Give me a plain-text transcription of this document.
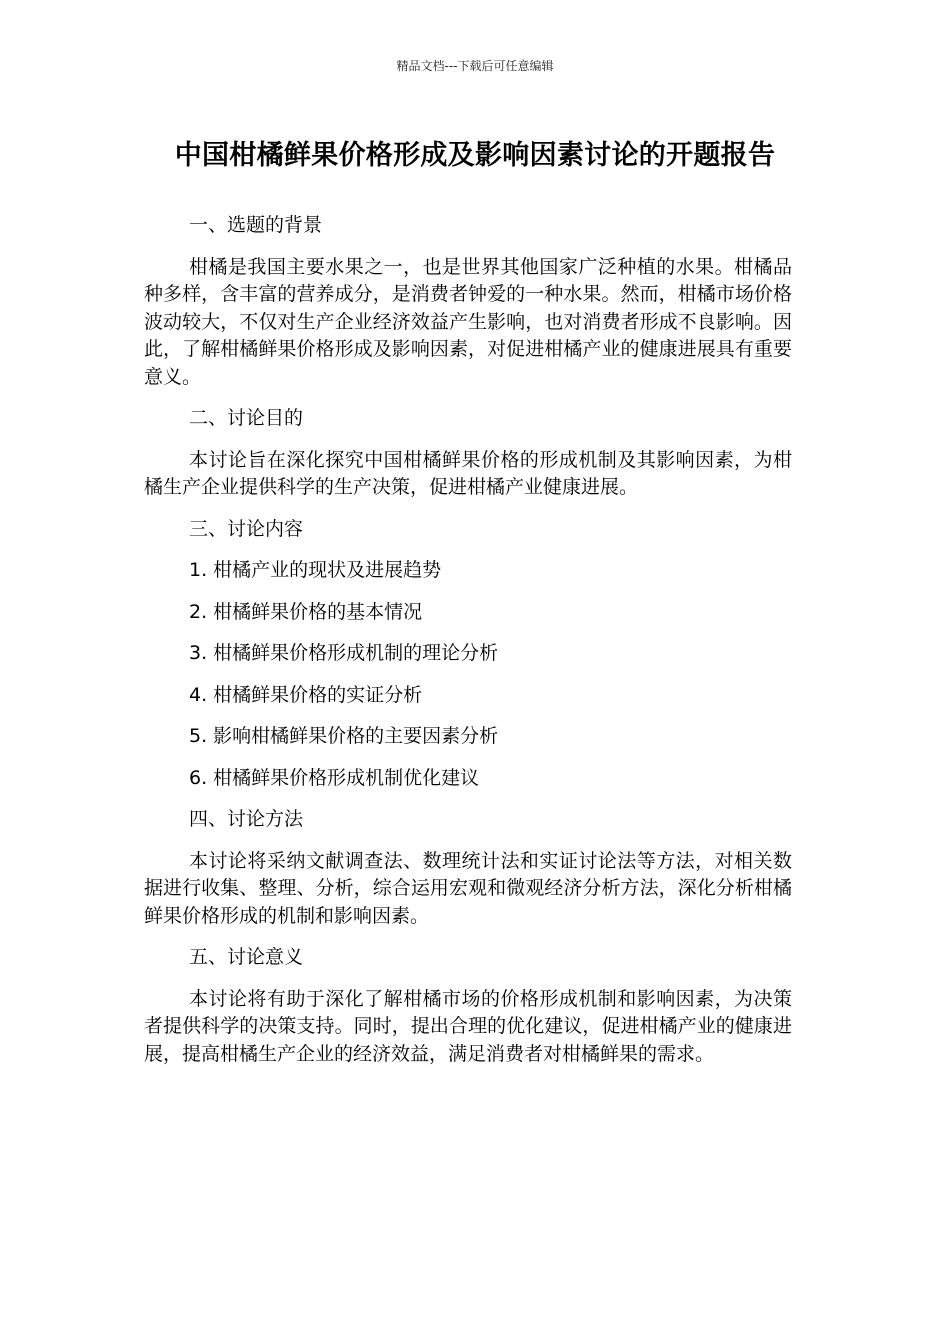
精品文档---下载后可任意编辑
中国柑橘鲜果价格形成及影响因素讨论的开题报告

一、选题的背景

柑橘是我国主要水果之一，也是世界其他国家广泛种植的水果。柑橘品种多样，含丰富的营养成分，是消费者钟爱的一种水果。然而，柑橘市场价格波动较大，不仅对生产企业经济效益产生影响，也对消费者形成不良影响。因此，了解柑橘鲜果价格形成及影响因素，对促进柑橘产业的健康进展具有重要意义。

二、讨论目的

本讨论旨在深化探究中国柑橘鲜果价格的形成机制及其影响因素，为柑橘生产企业提供科学的生产决策，促进柑橘产业健康进展。

三、讨论内容

1. 柑橘产业的现状及进展趋势

2. 柑橘鲜果价格的基本情况

3. 柑橘鲜果价格形成机制的理论分析

4. 柑橘鲜果价格的实证分析

5. 影响柑橘鲜果价格的主要因素分析

6. 柑橘鲜果价格形成机制优化建议

四、讨论方法

本讨论将采纳文献调查法、数理统计法和实证讨论法等方法，对相关数据进行收集、整理、分析，综合运用宏观和微观经济分析方法，深化分析柑橘鲜果价格形成的机制和影响因素。

五、讨论意义

本讨论将有助于深化了解柑橘市场的价格形成机制和影响因素，为决策者提供科学的决策支持。同时，提出合理的优化建议，促进柑橘产业的健康进展，提高柑橘生产企业的经济效益，满足消费者对柑橘鲜果的需求。
